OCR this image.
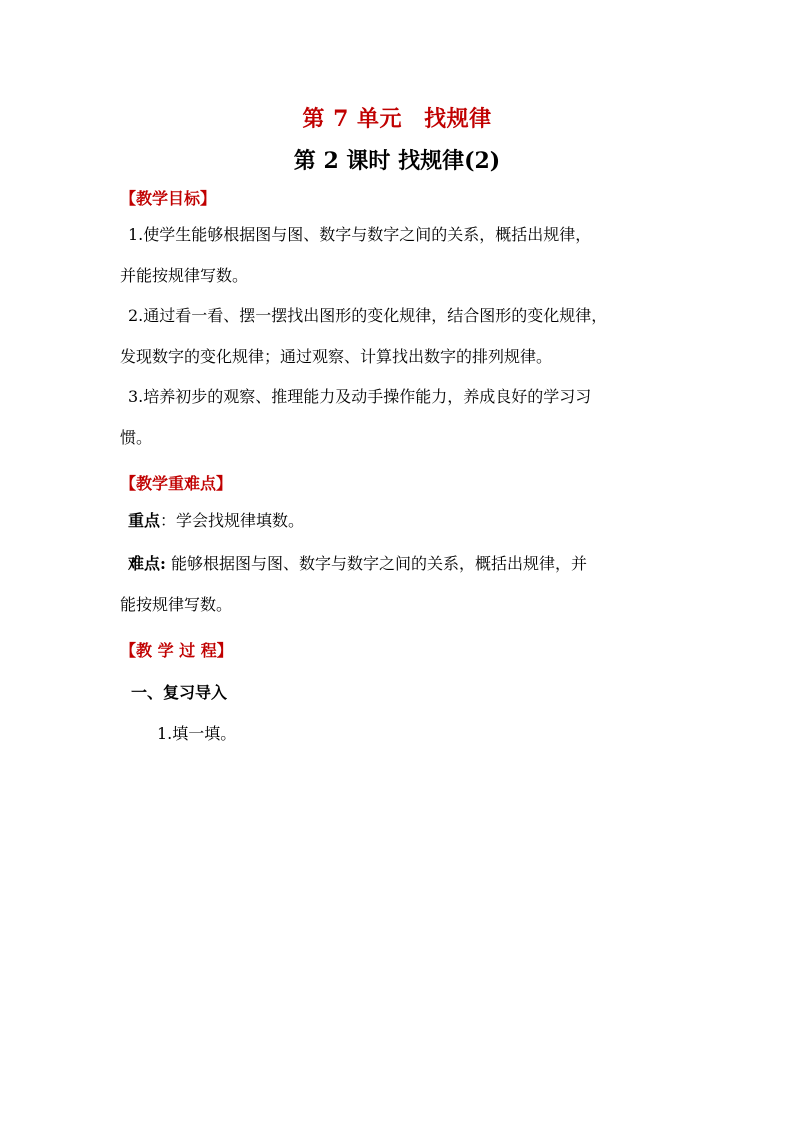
第 7 单元 找规律
第 2 课时 找规律(2)
【教学目标】
1.使学生能够根据图与图、数字与数字之间的关系，概括出规律，
并能按规律写数。
2.通过看一看、摆一摆找出图形的变化规律，结合图形的变化规律，
发现数字的变化规律；通过观察、计算找出数字的排列规律。
3.培养初步的观察、推理能力及动手操作能力，养成良好的学习习
惯。
【教学重难点】
重点：学会找规律填数。
难点: 能够根据图与图、数字与数字之间的关系，概括出规律，并
能按规律写数。
【教 学 过 程】
一、复习导入
1.填一填。
